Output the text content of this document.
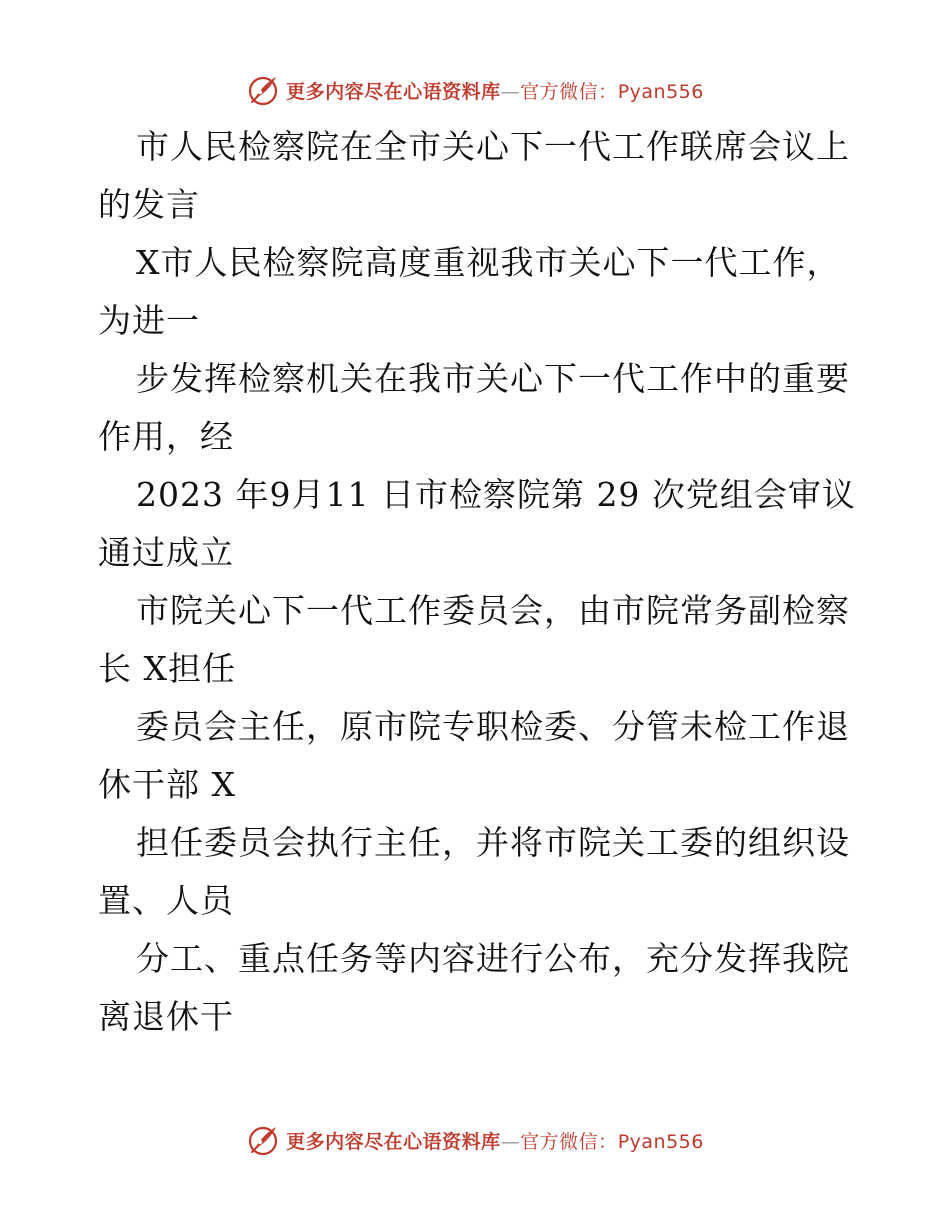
更多内容尽在心语资料库—官方微信：Pyan556
市人民检察院在全市关心下一代工作联席会议上
的发言
X市人民检察院高度重视我市关心下一代工作，
为进一
步发挥检察机关在我市关心下一代工作中的重要
作用，经
2023 年9月11 日市检察院第 29 次党组会审议
通过成立
市院关心下一代工作委员会，由市院常务副检察
长 X担任
委员会主任，原市院专职检委、分管未检工作退
休干部 X
担任委员会执行主任，并将市院关工委的组织设
置、人员
分工、重点任务等内容进行公布，充分发挥我院
离退休干
更多内容尽在心语资料库—官方微信：Pyan556
